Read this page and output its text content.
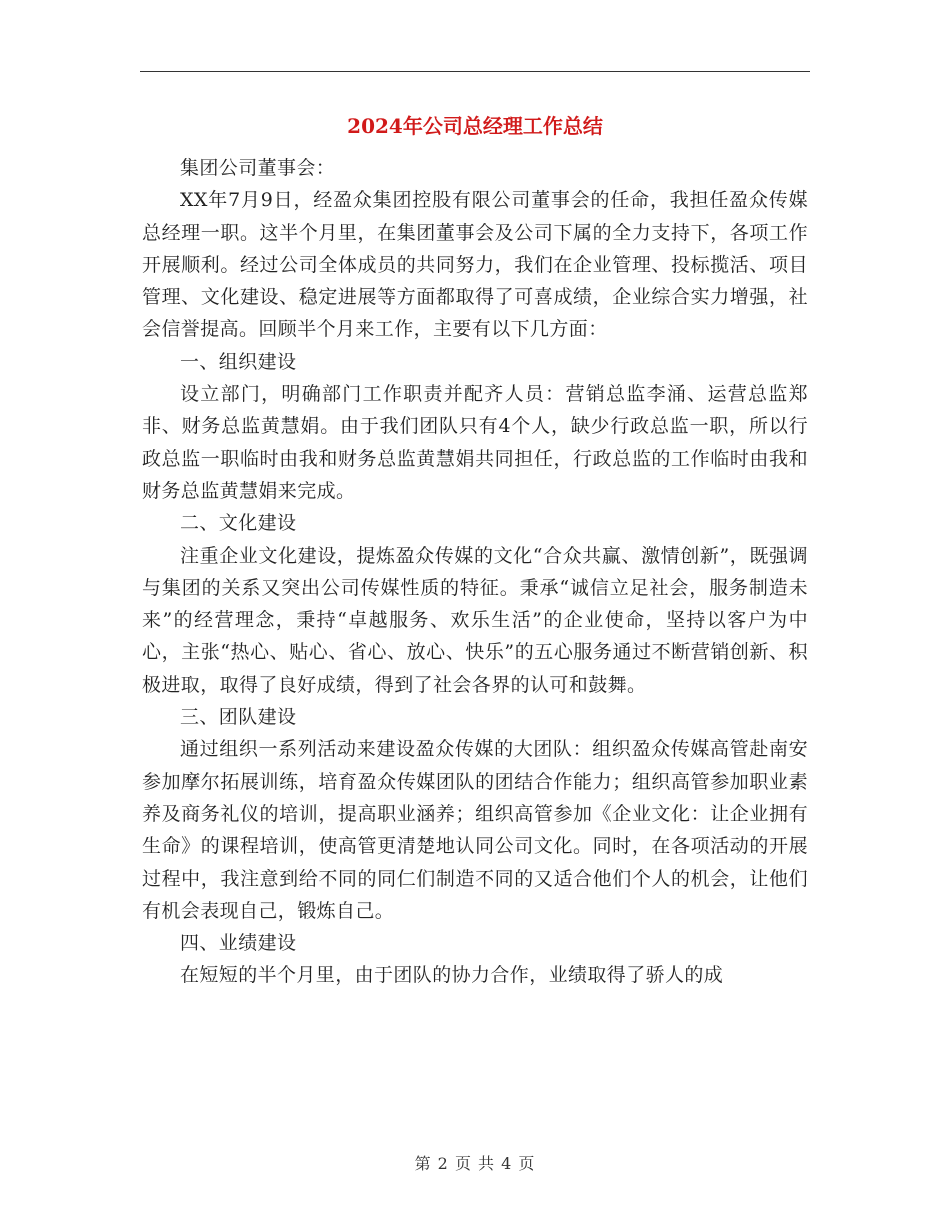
2024年公司总经理工作总结

集团公司董事会：

XX年7月9日，经盈众集团控股有限公司董事会的任命，我担任盈众传媒总经理一职。这半个月里，在集团董事会及公司下属的全力支持下，各项工作开展顺利。经过公司全体成员的共同努力，我们在企业管理、投标揽活、项目管理、文化建设、稳定进展等方面都取得了可喜成绩，企业综合实力增强，社会信誉提高。回顾半个月来工作，主要有以下几方面：

一、组织建设

设立部门，明确部门工作职责并配齐人员：营销总监李涌、运营总监郑非、财务总监黄慧娟。由于我们团队只有4个人，缺少行政总监一职，所以行政总监一职临时由我和财务总监黄慧娟共同担任，行政总监的工作临时由我和财务总监黄慧娟来完成。

二、文化建设

注重企业文化建设，提炼盈众传媒的文化“合众共赢、激情创新”，既强调与集团的关系又突出公司传媒性质的特征。秉承“诚信立足社会，服务制造未来”的经营理念，秉持“卓越服务、欢乐生活”的企业使命，坚持以客户为中心，主张“热心、贴心、省心、放心、快乐”的五心服务通过不断营销创新、积极进取，取得了良好成绩，得到了社会各界的认可和鼓舞。

三、团队建设

通过组织一系列活动来建设盈众传媒的大团队：组织盈众传媒高管赴南安参加摩尔拓展训练，培育盈众传媒团队的团结合作能力；组织高管参加职业素养及商务礼仪的培训，提高职业涵养；组织高管参加《企业文化：让企业拥有生命》的课程培训，使高管更清楚地认同公司文化。同时，在各项活动的开展过程中，我注意到给不同的同仁们制造不同的又适合他们个人的机会，让他们有机会表现自己，锻炼自己。

四、业绩建设

在短短的半个月里，由于团队的协力合作，业绩取得了骄人的成

第 2 页 共 4 页
